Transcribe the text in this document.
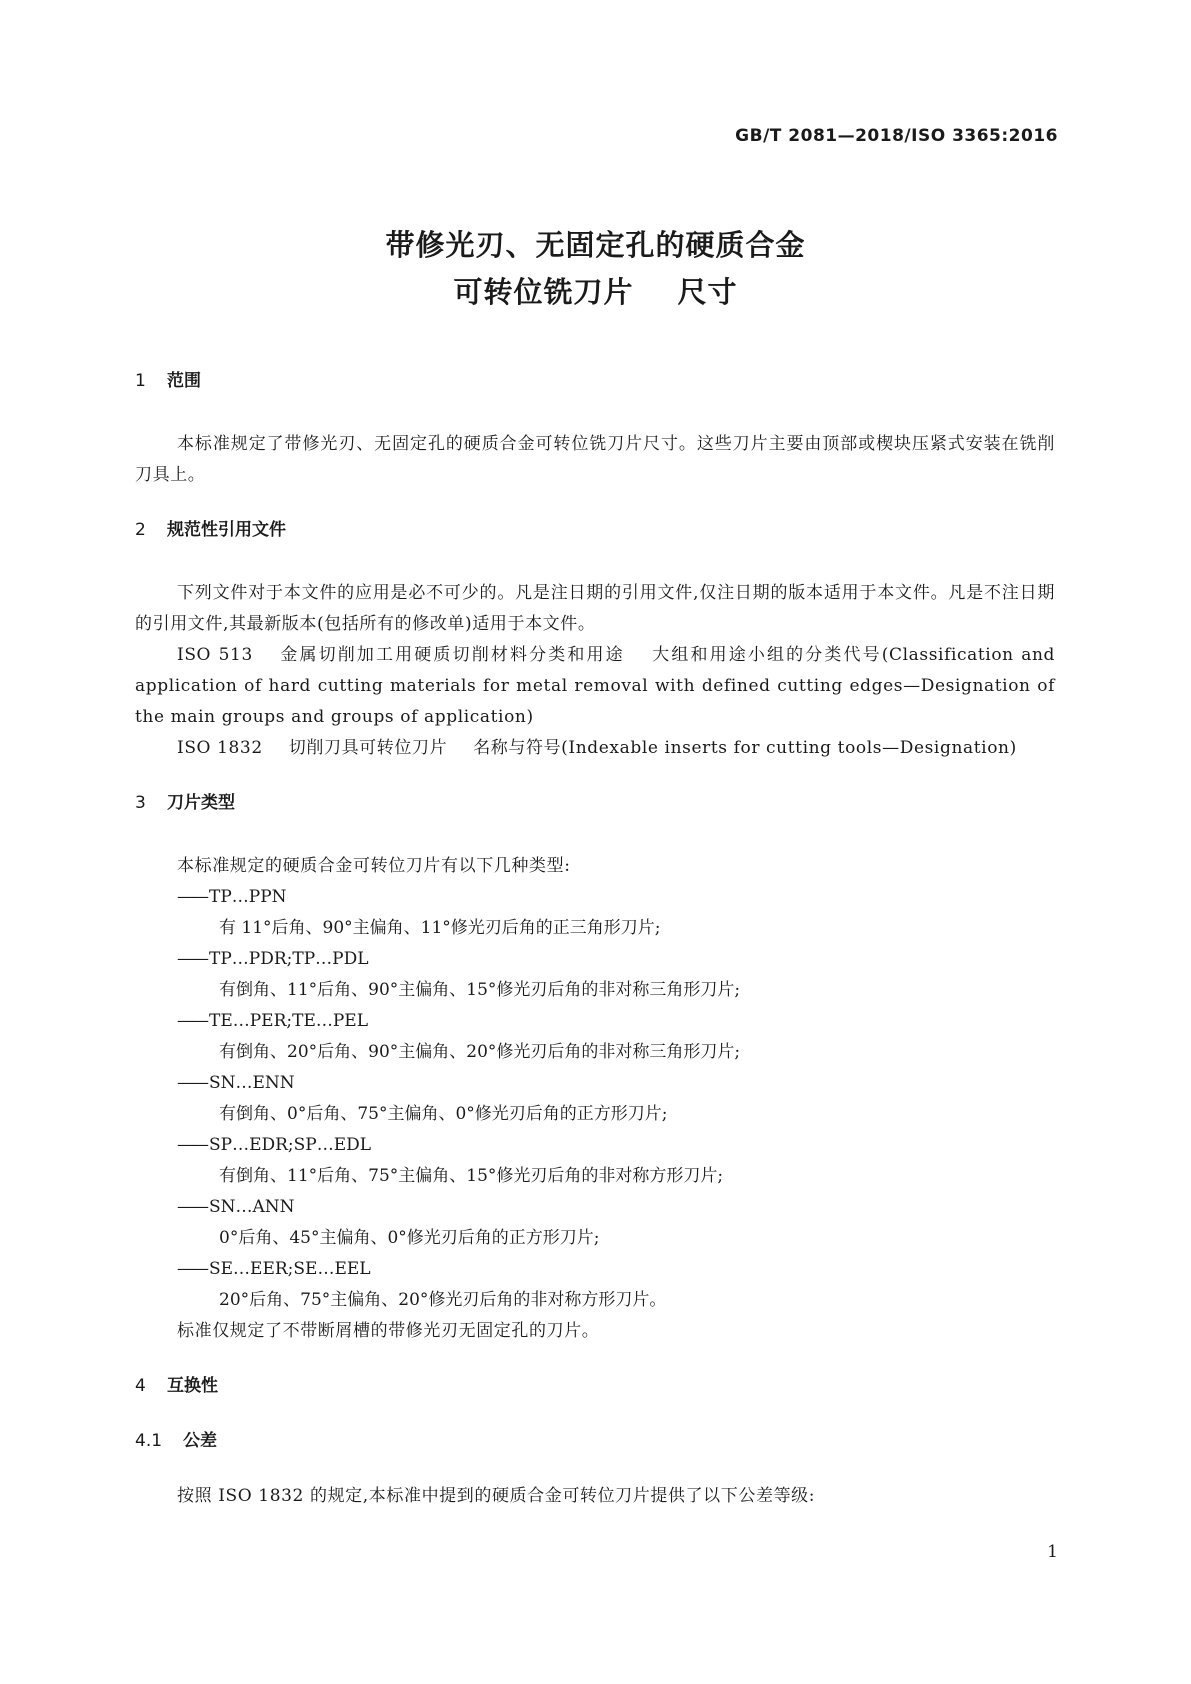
GB/T 2081—2018/ISO 3365:2016
带修光刃、无固定孔的硬质合金
可转位铣刀片 尺寸

1 范围

本标准规定了带修光刃、无固定孔的硬质合金可转位铣刀片尺寸。这些刀片主要由顶部或楔块压紧式安装在铣削刀具上。

2 规范性引用文件

下列文件对于本文件的应用是必不可少的。凡是注日期的引用文件,仅注日期的版本适用于本文件。凡是不注日期的引用文件,其最新版本(包括所有的修改单)适用于本文件。

ISO 513 金属切削加工用硬质切削材料分类和用途 大组和用途小组的分类代号(Classification and application of hard cutting materials for metal removal with defined cutting edges—Designation of the main groups and groups of application)

ISO 1832 切削刀具可转位刀片 名称与符号(Indexable inserts for cutting tools—Designation)

3 刀片类型

本标准规定的硬质合金可转位刀片有以下几种类型:

—— TP…PPN

有 11°后角、90°主偏角、11°修光刃后角的正三角形刀片;

—— TP…PDR;TP…PDL

有倒角、11°后角、90°主偏角、15°修光刃后角的非对称三角形刀片;

—— TE…PER;TE…PEL

有倒角、20°后角、90°主偏角、20°修光刃后角的非对称三角形刀片;

—— SN…ENN

有倒角、0°后角、75°主偏角、0°修光刃后角的正方形刀片;

—— SP…EDR;SP…EDL

有倒角、11°后角、75°主偏角、15°修光刃后角的非对称方形刀片;

—— SN…ANN

0°后角、45°主偏角、0°修光刃后角的正方形刀片;

—— SE…EER;SE…EEL

20°后角、75°主偏角、20°修光刃后角的非对称方形刀片。

标准仅规定了不带断屑槽的带修光刃无固定孔的刀片。

4 互换性

4.1 公差

按照 ISO 1832 的规定,本标准中提到的硬质合金可转位刀片提供了以下公差等级:

1
